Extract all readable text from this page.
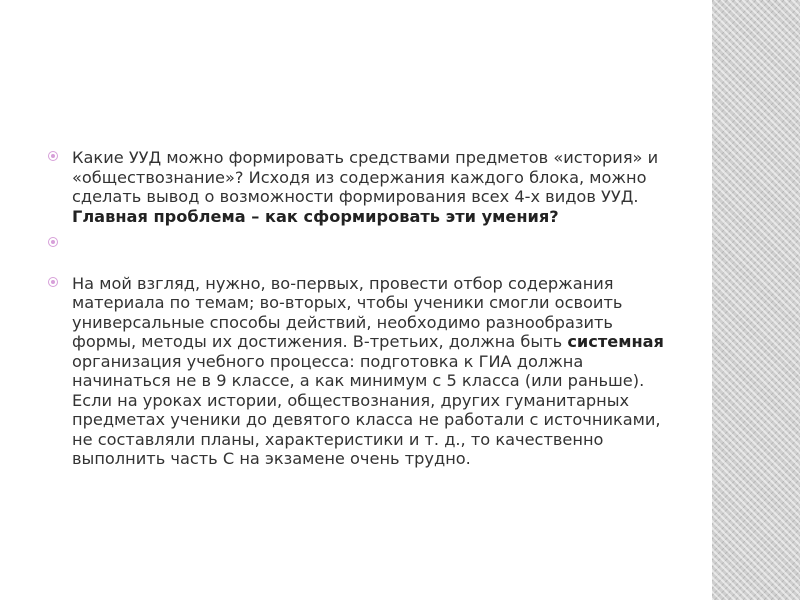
Какие УУД можно формировать средствами предметов «история» и «обществознание»? Исходя из содержания каждого блока, можно сделать вывод о возможности формирования всех 4-х видов УУД. Главная проблема – как сформировать эти умения?
На мой взгляд, нужно, во-первых, провести отбор содержания материала по темам; во-вторых, чтобы ученики смогли освоить универсальные способы действий, необходимо разнообразить формы, методы их достижения. В-третьих, должна быть системная организация учебного процесса: подготовка к ГИА должна начинаться не в 9 классе, а как минимум с 5 класса (или раньше). Если на уроках истории, обществознания, других гуманитарных предметах ученики до девятого класса не работали с источниками, не составляли планы, характеристики и т. д., то качественно выполнить часть С на экзамене очень трудно.
